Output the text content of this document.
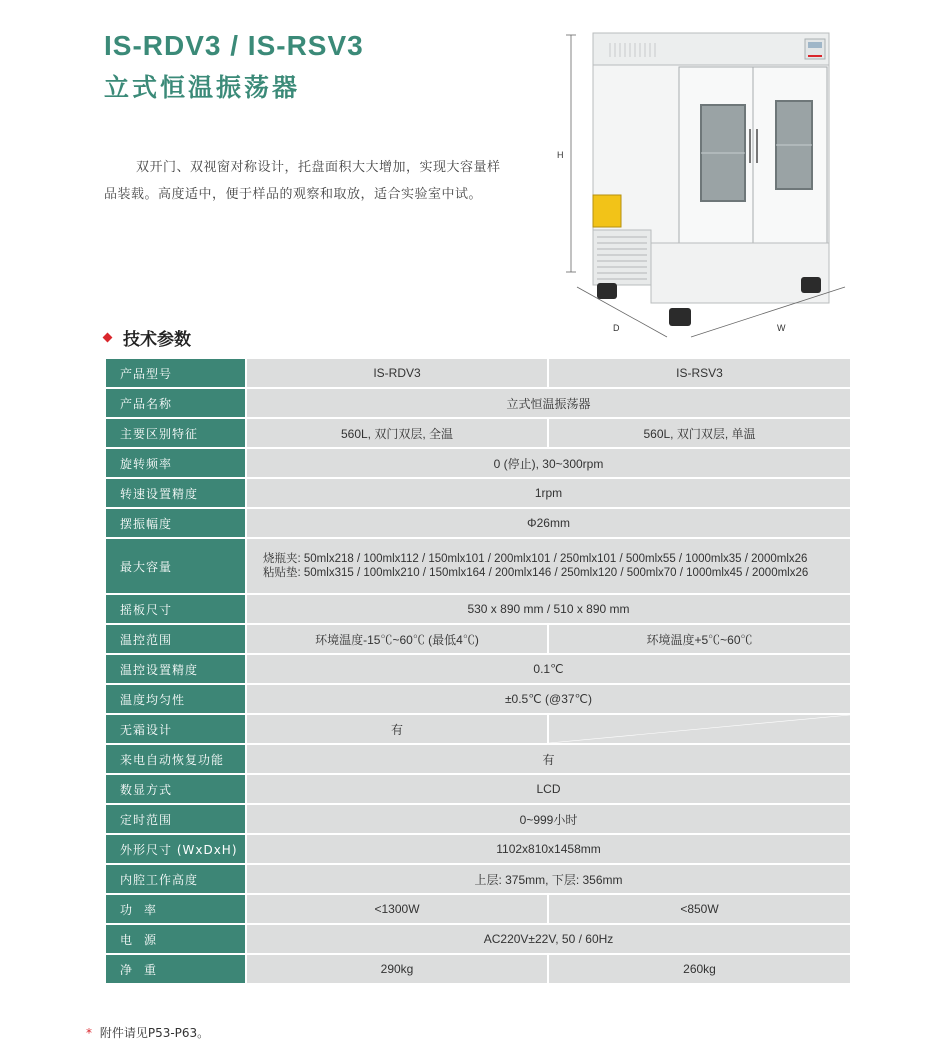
IS-RDV3 / IS-RSV3
立式恒温振荡器

双开门、双视窗对称设计，托盘面积大大增加，实现大容量样品装载。高度适中，便于样品的观察和取放，适合实验室中试。

H
D	W
技术参数
产品型号	IS-RDV3	IS-RSV3
产品名称	立式恒温振荡器	
主要区别特征	560L, 双门双层, 全温	560L, 双门双层, 单温
旋转频率	0 (停止), 30~300rpm	
转速设置精度	1rpm	
摆振幅度	Φ26mm	
最大容量	烧瓶夹: 50mlx218 / 100mlx112 / 150mlx101 / 200mlx101 / 250mlx101 / 500mlx55 / 1000mlx35 / 2000mlx26
粘贴垫: 50mlx315 / 100mlx210 / 150mlx164 / 200mlx146 / 250mlx120 / 500mlx70 / 1000mlx45 / 2000mlx26	

摇板尺寸	530 x 890 mm / 510 x 890 mm	
温控范围	环境温度-15℃~60℃ (最低4℃)	环境温度+5℃~60℃
温控设置精度	0.1℃	
温度均匀性	±0.5℃ (@37℃)	
无霜设计	有	

来电自动恢复功能	有	
数显方式	LCD	
定时范围	0~999小时	
外形尺寸 (WxDxH)	1102x810x1458mm	
内腔工作高度	上层: 375mm, 下层: 356mm	
功率	<1300W	<850W
电源	AC220V±22V, 50 / 60Hz	
净重	290kg	260kg
* 附件请见P53-P63。
